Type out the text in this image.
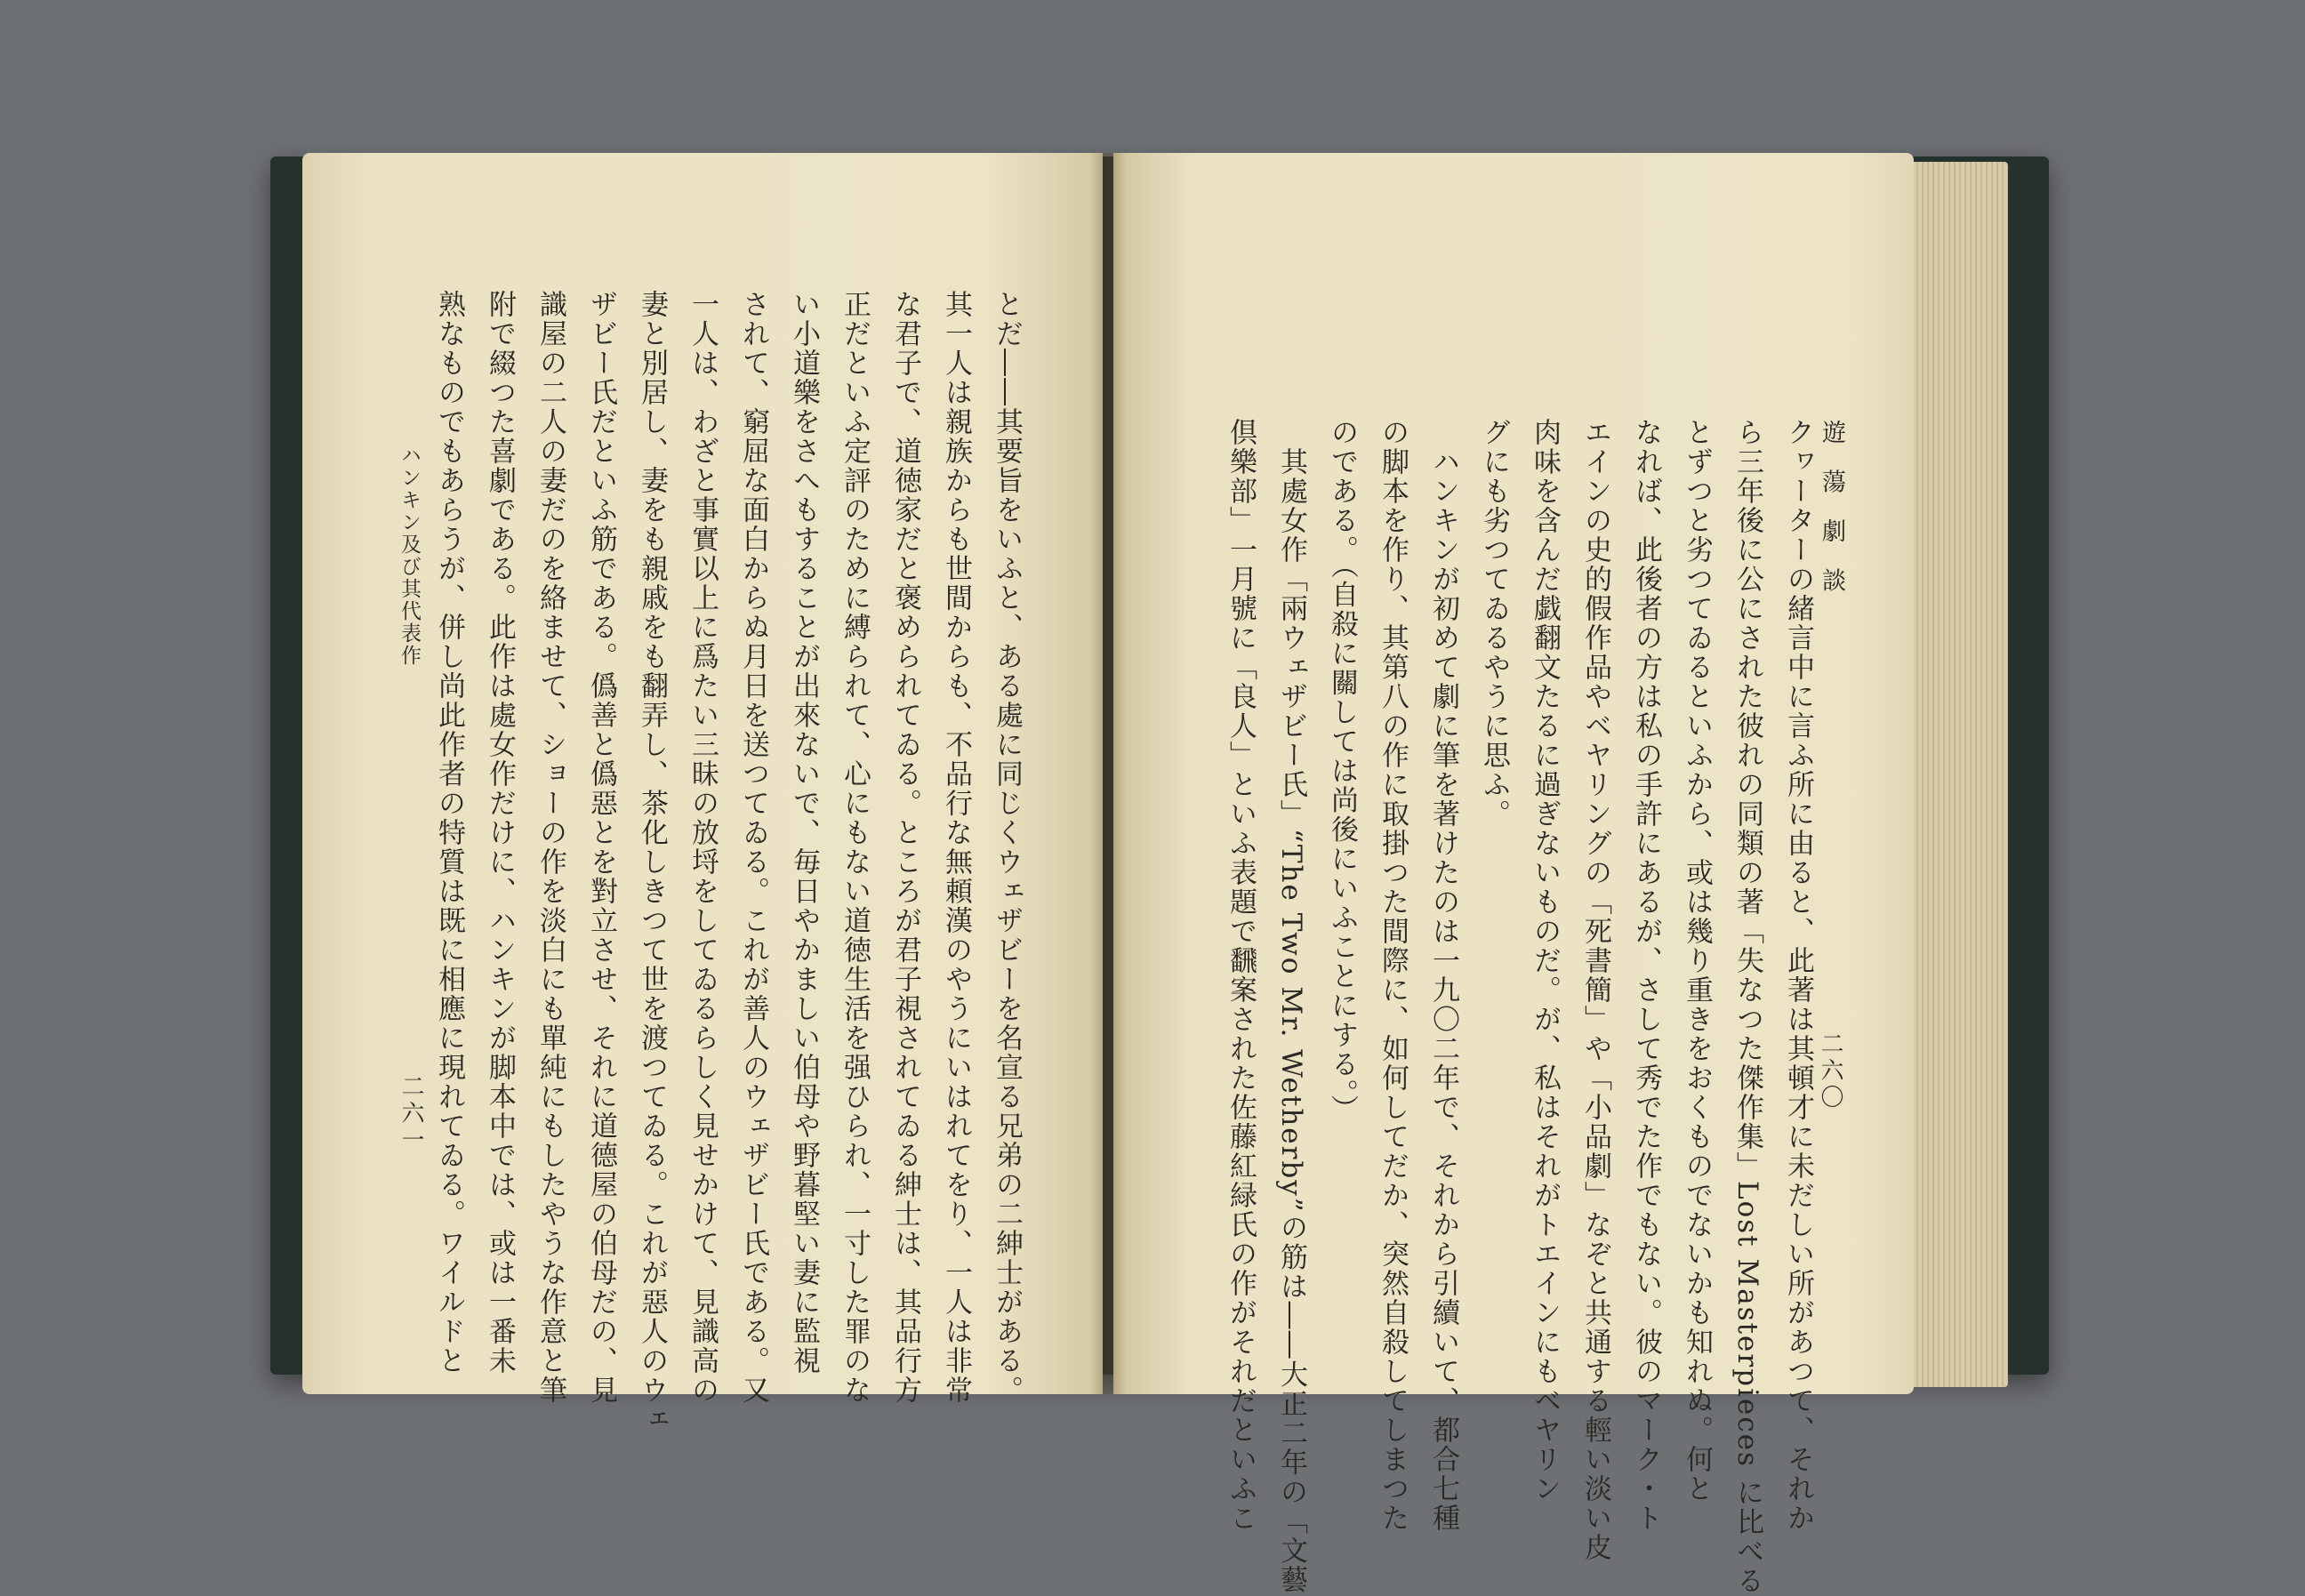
遊 蕩 劇 談
二六〇

クヮーターの緒言中に言ふ所に由ると、此著は其頓才に未だしい所があつて、それか

ら三年後に公にされた彼れの同類の著「失なつた傑作集」Lost Masterpieces に比べる

とずつと劣つてゐるといふから、或は幾り重きをおくものでないかも知れぬ。何と

なれば、此後者の方は私の手許にあるが、さして秀でた作でもない。彼のマーク・ト

エインの史的假作品やベヤリングの「死書簡」や「小品劇」なぞと共通する輕い淡い皮

肉味を含んだ戯翻文たるに過ぎないものだ。が、私はそれがトエインにもベヤリン

グにも劣つてゐるやうに思ふ。

　ハンキンが初めて劇に筆を著けたのは一九〇二年で、それから引續いて、都合七種

の脚本を作り、其第八の作に取掛つた間際に、如何してだか、突然自殺してしまつた

のである。（自殺に關しては尚後にいふことにする。）

　其處女作「兩ウェザビー氏」“The Two Mr. Wetherby”の筋は――大正二年の「文藝

倶樂部」一月號に「良人」といふ表題で飜案された佐藤紅緑氏の作がそれだといふこ

ハンキン及び其代表作
二六一	とだ――其要旨をいふと、ある處に同じくウェザビーを名宣る兄弟の二紳士がある。

其一人は親族からも世間からも、不品行な無頼漢のやうにいはれてをり、一人は非常

な君子で、道徳家だと褒められてゐる。ところが君子視されてゐる紳士は、其品行方

正だといふ定評のために縛られて、心にもない道徳生活を强ひられ、一寸した罪のな

い小道樂をさへもすることが出來ないで、毎日やかましい伯母や野暮堅い妻に監視

されて、窮屈な面白からぬ月日を送つてゐる。これが善人のウェザビー氏である。又

一人は、わざと事實以上に爲たい三昧の放埒をしてゐるらしく見せかけて、見識高の

妻と別居し、妻をも親戚をも翻弄し、茶化しきつて世を渡つてゐる。これが惡人のウェ

ザビー氏だといふ筋である。僞善と僞惡とを對立させ、それに道德屋の伯母だの、見

識屋の二人の妻だのを絡ませて、ショーの作を淡白にも單純にもしたやうな作意と筆

附で綴つた喜劇である。此作は處女作だけに、ハンキンが脚本中では、或は一番未

熟なものでもあらうが、併し尚此作者の特質は既に相應に現れてゐる。ワイルドと
